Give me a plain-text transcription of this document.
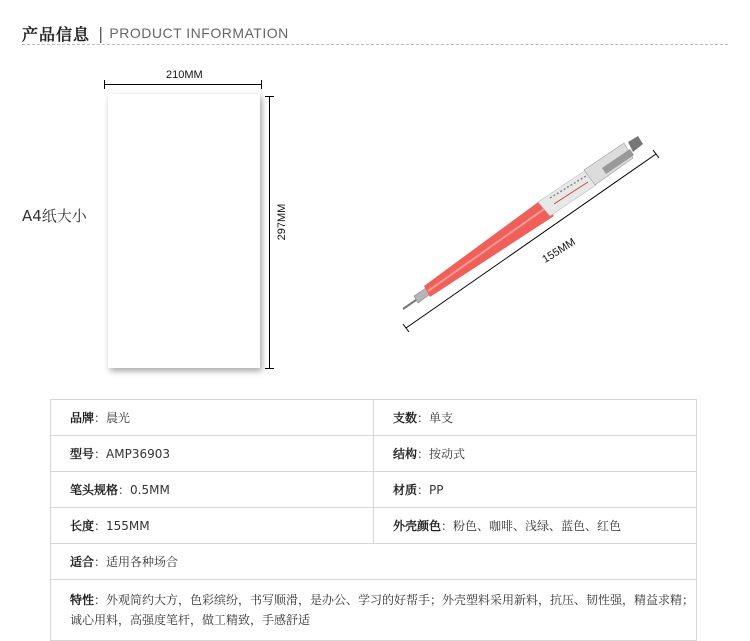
产品信息 | PRODUCT INFORMATION
A4纸大小
210MM
297MM
155MM
品牌：晨光	支数：单支
型号：AMP36903	结构：按动式
笔头规格：0.5MM	材质：PP
长度：155MM	外壳颜色：粉色、咖啡、浅绿、蓝色、红色
适合：适用各种场合	
特性：外观简约大方，色彩缤纷，书写顺滑，是办公、学习的好帮手；外壳塑料采用新料，抗压、韧性强，精益求精；
诚心用料，高强度笔杆，做工精致，手感舒适	
